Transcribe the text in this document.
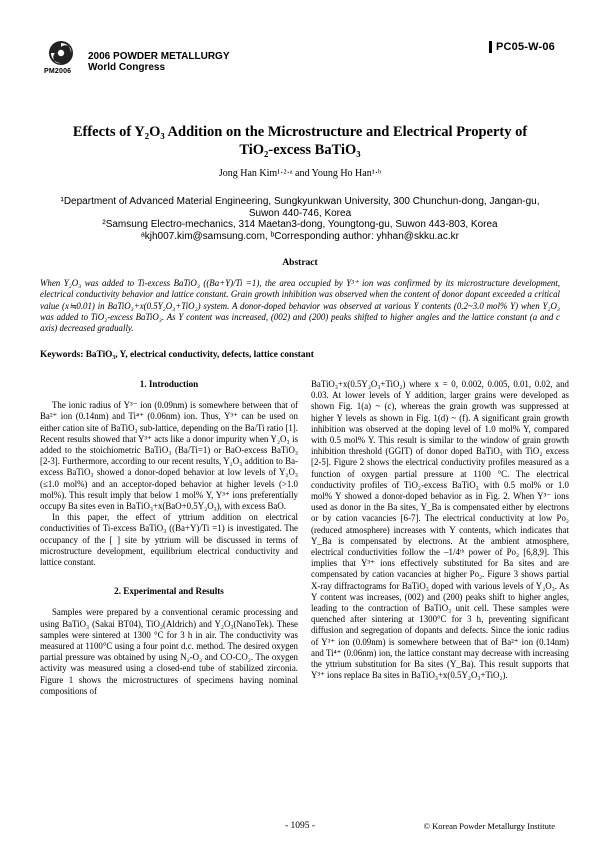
PM2006
2006 POWDER METALLURGY
World Congress
PC05-W-06
Effects of Y₂O₃ Addition on the Microstructure and Electrical Property of
TiO₂-excess BaTiO₃
Jong Han Kim¹·²·ᵃ and Young Ho Han¹·ᵇ
¹Department of Advanced Material Engineering, Sungkyunkwan University, 300 Chunchun-dong, Jangan-gu,
Suwon 440-746, Korea
²Samsung Electro-mechanics, 314 Maetan3-dong, Youngtong-gu, Suwon 443-803, Korea
ᵃkjh007.kim@samsung.com, ᵇCorresponding author: yhhan@skku.ac.kr
Abstract

When Y₂O₃ was added to Ti-excess BaTiO₃ ((Ba+Y)/Ti =1), the area occupied by Y³⁺ ion was confirmed by its microstructure development, electrical conductivity behavior and lattice constant. Grain growth inhibition was observed when the content of donor dopant exceeded a critical value (x≒0.01) in BaTiO₃+x(0.5Y₂O₃+TiO₂) system. A donor-doped behavior was observed at various Y contents (0.2~3.0 mol% Y) when Y₂O₃ was added to TiO₂-excess BaTiO₃. As Y content was increased, (002) and (200) peaks shifted to higher angles and the lattice constant (a and c axis) decreased gradually.

Keywords: BaTiO₃, Y, electrical conductivity, defects, lattice constant
1. Introduction

The ionic radius of Y³⁻ ion (0.09nm) is somewhere between that of Ba²⁺ ion (0.14nm) and Ti⁴⁺ (0.06nm) ion. Thus, Y³⁺ can be used on either cation site of BaTiO₃ sub-lattice, depending on the Ba/Ti ratio [1]. Recent results showed that Y³⁺ acts like a donor impurity when Y₂O₃ is added to the stoichiometric BaTiO₃ (Ba/Ti=1) or BaO-excess BaTiO₃ [2-3]. Furthermore, according to our recent results, Y₂O₃ addition to Ba-excess BaTiO₃ showed a donor-doped behavior at low levels of Y₂O₃ (≤1.0 mol%) and an acceptor-doped behavior at higher levels (>1.0 mol%). This result imply that below 1 mol% Y, Y³⁺ ions preferentially occupy Ba sites even in BaTiO₃+x(BaO+0.5Y₂O₃), with excess BaO.

In this paper, the effect of yttrium addition on electrical conductivities of Ti-excess BaTiO₃ ((Ba+Y)/Ti =1) is investigated. The occupancy of the [ ] site by yttrium will be discussed in terms of microstructure development, equilibrium electrical conductivity and lattice constant.

2. Experimental and Results

Samples were prepared by a conventional ceramic processing and using BaTiO₃ (Sakai BT04), TiO₂(Aldrich) and Y₂O₃(NanoTek). These samples were sintered at 1300 °C for 3 h in air. The conductivity was measured at 1100°C using a four point d.c. method. The desired oxygen partial pressure was obtained by using N₂-O₂ and CO-CO₂. The oxygen activity was measured using a closed-end tube of stabilized zirconia. Figure 1 shows the microstructures of specimens having nominal compositions of

BaTiO₃+x(0.5Y₂O₃+TiO₂) where x = 0, 0.002, 0.005, 0.01, 0.02, and 0.03. At lower levels of Y addition, larger grains were developed as shown Fig. 1(a) ~ (c), whereas the grain growth was suppressed at higher Y levels as shown in Fig. 1(d) ~ (f). A significant grain growth inhibition was observed at the doping level of 1.0 mol% Y, compared with 0.5 mol% Y. This result is similar to the window of grain growth inhibition threshold (GGIT) of donor doped BaTiO₃ with TiO₂ excess [2-5]. Figure 2 shows the electrical conductivity profiles measured as a function of oxygen partial pressure at 1100 °C. The electrical conductivity profiles of TiO₂-excess BaTiO₃ with 0.5 mol% or 1.0 mol% Y showed a donor-doped behavior as in Fig. 2. When Y³⁻ ions used as donor in the Ba sites, Y_Ba is compensated either by electrons or by cation vacancies [6-7]. The electrical conductivity at low Po₂ (reduced atmosphere) increases with Y contents, which indicates that Y_Ba is compensated by electrons. At the ambient atmosphere, electrical conductivities follow the –1/4ᵗʰ power of Po₂ [6,8,9]. This implies that Y³⁺ ions effectively substituted for Ba sites and are compensated by cation vacancies at higher Po₂. Figure 3 shows partial X-ray diffractograms for BaTiO₃ doped with various levels of Y₂O₃. As Y content was increases, (002) and (200) peaks shift to higher angles, leading to the contraction of BaTiO₃ unit cell. These samples were quenched after sintering at 1300°C for 3 h, preventing significant diffusion and segregation of dopants and defects. Since the ionic radius of Y³⁺ ion (0.09nm) is somewhere between that of Ba²⁺ ion (0.14nm) and Ti⁴⁺ (0.06nm) ion, the lattice constant may decrease with increasing the yttrium substitution for Ba sites (Y_Ba). This result supports that Y³⁺ ions replace Ba sites in BaTiO₃+x(0.5Y₂O₃+TiO₂).

- 1095 -	© Korean Powder Metallurgy Institute
